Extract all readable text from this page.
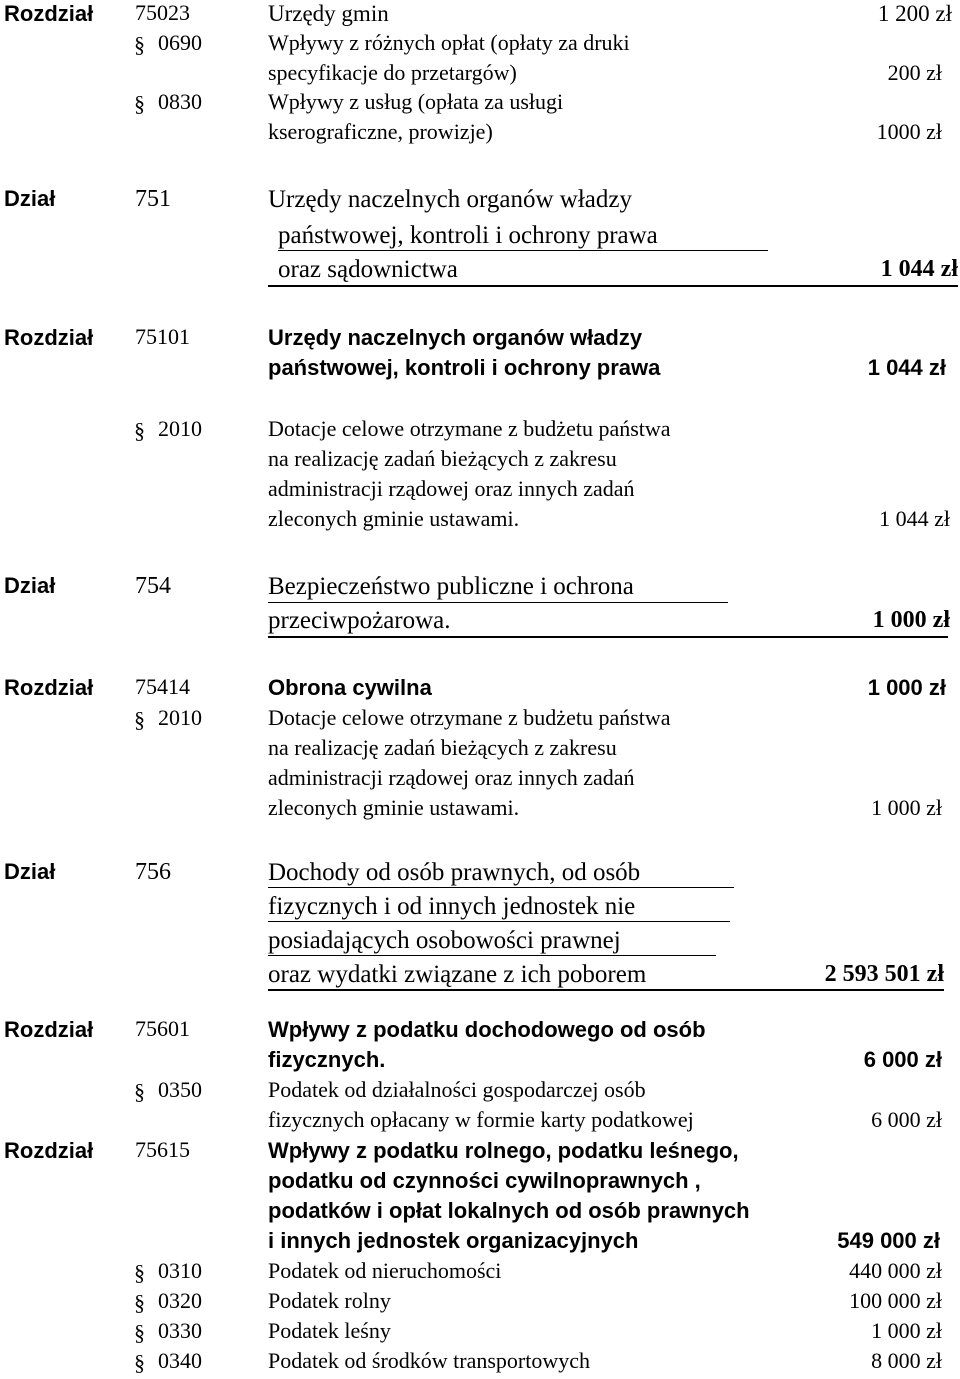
Rozdział 75023	Urzędy gmin	1 200 zł
§ 0690	Wpływy z różnych opłat (opłaty za druki
specyfikacje do przetargów)	200 zł
§ 0830	Wpływy z usług (opłata za usługi
kserograficzne, prowizje)	1000 zł
Dział	751	Urzędy naczelnych organów władzy
państwowej, kontroli i ochrony prawa
oraz sądownictwa	1 044 zł
Rozdział 75101	Urzędy naczelnych organów władzy
państwowej, kontroli i ochrony prawa	1 044 zł
§ 2010	Dotacje celowe otrzymane z budżetu państwa
na realizację zadań bieżących z zakresu
administracji rządowej oraz innych zadań
zleconych gminie ustawami.	1 044 zł
Dział	754	Bezpieczeństwo publiczne i ochrona
przeciwpożarowa.	1 000 zł
Rozdział 75414	Obrona cywilna	1 000 zł
§ 2010	Dotacje celowe otrzymane z budżetu państwa
na realizację zadań bieżących z zakresu
administracji rządowej oraz innych zadań
zleconych gminie ustawami.	1 000 zł
Dział	756	Dochody od osób prawnych, od osób
fizycznych i od innych jednostek nie
posiadających osobowości prawnej
oraz wydatki związane z ich poborem	2 593 501 zł
Rozdział 75601	Wpływy z podatku dochodowego od osób
fizycznych.	6 000 zł
§ 0350	Podatek od działalności gospodarczej osób
fizycznych opłacany w formie karty podatkowej	6 000 zł
Rozdział 75615	Wpływy z podatku rolnego, podatku leśnego,
podatku od czynności cywilnoprawnych ,
podatków i opłat lokalnych od osób prawnych
i innych jednostek organizacyjnych	549 000 zł
§ 0310	Podatek od nieruchomości	440 000 zł
§ 0320	Podatek rolny	100 000 zł
§ 0330	Podatek leśny	1 000 zł
§ 0340	Podatek od środków transportowych	8 000 zł
